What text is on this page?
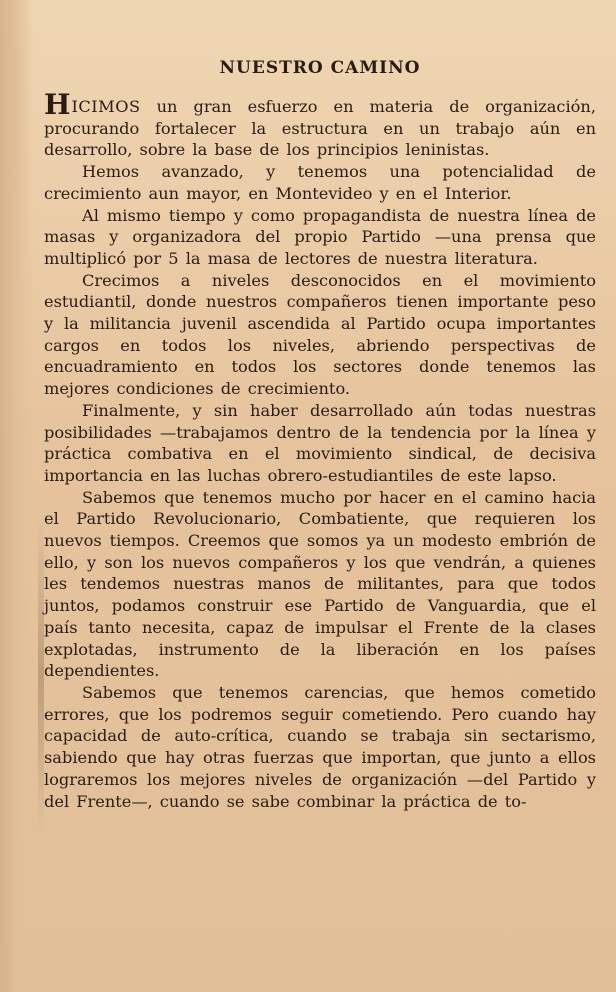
NUESTRO CAMINO

HICIMOS un gran esfuerzo en materia de organización, procurando fortalecer la estructura en un trabajo aún en desarrollo, sobre la base de los principios leninistas.

Hemos avanzado, y tenemos una potencialidad de crecimiento aun mayor, en Montevideo y en el Interior.

Al mismo tiempo y como propagandista de nuestra línea de masas y organizadora del propio Partido —una prensa que multiplicó por 5 la masa de lectores de nuestra literatura.

Crecimos a niveles desconocidos en el movimiento estudiantil, donde nuestros compañeros tienen importante peso y la militancia juvenil ascendida al Partido ocupa importantes cargos en todos los niveles, abriendo perspectivas de encuadramiento en todos los sectores donde tenemos las mejores condiciones de crecimiento.

Finalmente, y sin haber desarrollado aún todas nuestras posibilidades —trabajamos dentro de la tendencia por la línea y práctica combativa en el movimiento sindical, de decisiva importancia en las luchas obrero-estudiantiles de este lapso.

Sabemos que tenemos mucho por hacer en el camino hacia el Partido Revolucionario, Combatiente, que requieren los nuevos tiempos. Creemos que somos ya un modesto embrión de ello, y son los nuevos compañeros y los que vendrán, a quienes les tendemos nuestras manos de militantes, para que todos juntos, podamos construir ese Partido de Vanguardia, que el país tanto necesita, capaz de impulsar el Frente de la clases explotadas, instrumento de la liberación en los países dependientes.

Sabemos que tenemos carencias, que hemos cometido errores, que los podremos seguir cometiendo. Pero cuando hay capacidad de auto-crítica, cuando se trabaja sin sectarismo, sabiendo que hay otras fuerzas que importan, que junto a ellos lograremos los mejores niveles de organización —del Partido y del Frente—, cuando se sabe combinar la práctica de to-
